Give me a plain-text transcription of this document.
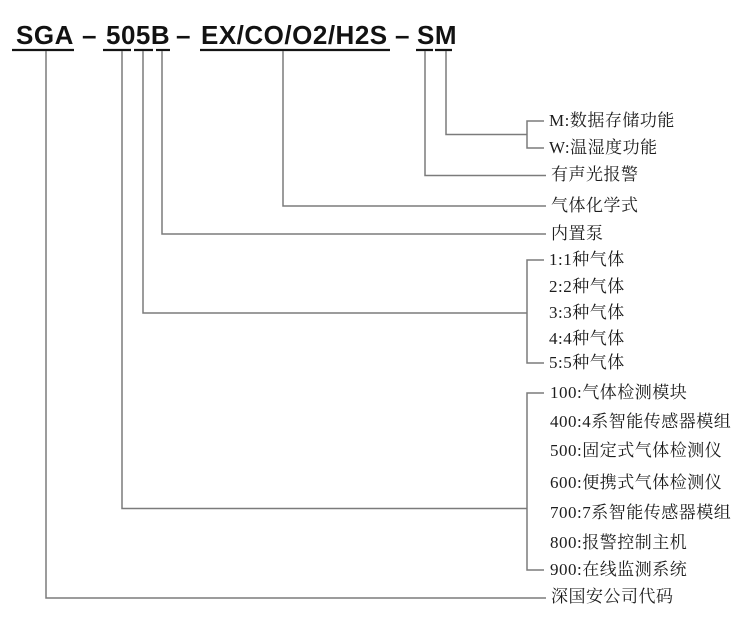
SGA – 505B – EX/CO/O2/H2S – SM
M:数据存储功能
W:温湿度功能
有声光报警
气体化学式
内置泵
1:1种气体
2:2种气体
3:3种气体
4:4种气体
5:5种气体
100:气体检测模块
400:4系智能传感器模组
500:固定式气体检测仪
600:便携式气体检测仪
700:7系智能传感器模组
800:报警控制主机
900:在线监测系统
深国安公司代码
